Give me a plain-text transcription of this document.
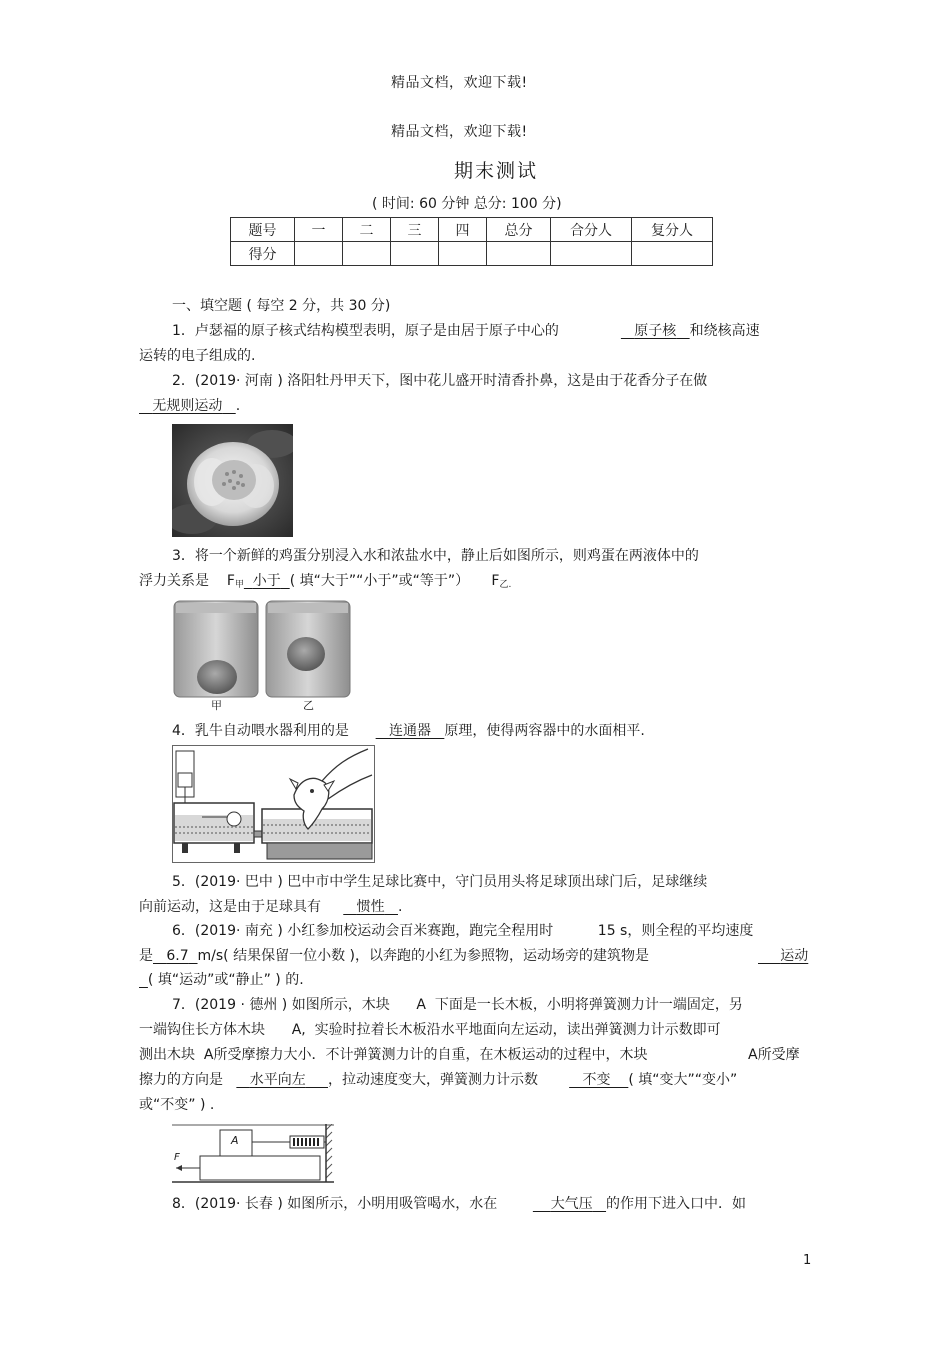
精品文档，欢迎下载!
精品文档，欢迎下载!
期末测试
( 时间: 60 分钟 总分: 100 分)
题号	一	二	三	四	总分	合分人	复分人
得分							
一、填空题 ( 每空 2 分，共 30 分)
1．卢瑟福的原子核式结构模型表明，原子是由居于原子中心的	原子核 和绕核高速
运转的电子组成的.
2．(2019· 河南 ) 洛阳牡丹甲天下，图中花儿盛开时清香扑鼻，这是由于花香分子在做
无规则运动 .
3．将一个新鲜的鸡蛋分别浸入水和浓盐水中，静止后如图所示，则鸡蛋在两液体中的
浮力关系是 $F_甲$ 小于 ( 填“大于”“小于”或“等于”） $F_{乙.}$
甲	乙
4．乳牛自动喂水器利用的是	连通器 原理，使得两容器中的水面相平.
5．(2019· 巴中 ) 巴中市中学生足球比赛中，守门员用头将足球顶出球门后，足球继续
向前运动，这是由于足球具有	惯性 .
6．(2019· 南充 ) 小红参加校运动会百米赛跑，跑完全程用时	15 s，则全程的平均速度
是 6.7 m/s( 结果保留一位小数 )，以奔跑的小红为参照物，运动场旁的建筑物是	运动
( 填“运动”或“静止” ) 的.
7．(2019 · 德州 ) 如图所示，木块 A 下面是一长木板，小明将弹簧测力计一端固定，另
一端钩住长方体木块 A, 实验时拉着长木板沿水平地面向左运动，读出弹簧测力计示数即可
测出木块 A所受摩擦力大小．不计弹簧测力计的自重，在木板运动的过程中，木块	A所受摩
擦力的方向是 水平向左 ，拉动速度变大，弹簧测力计示数	不变 ( 填“变大”“变小”
或“不变” ) .
A
F
8．(2019· 长春 ) 如图所示，小明用吸管喝水，水在	大气压 的作用下进入口中．如
1
